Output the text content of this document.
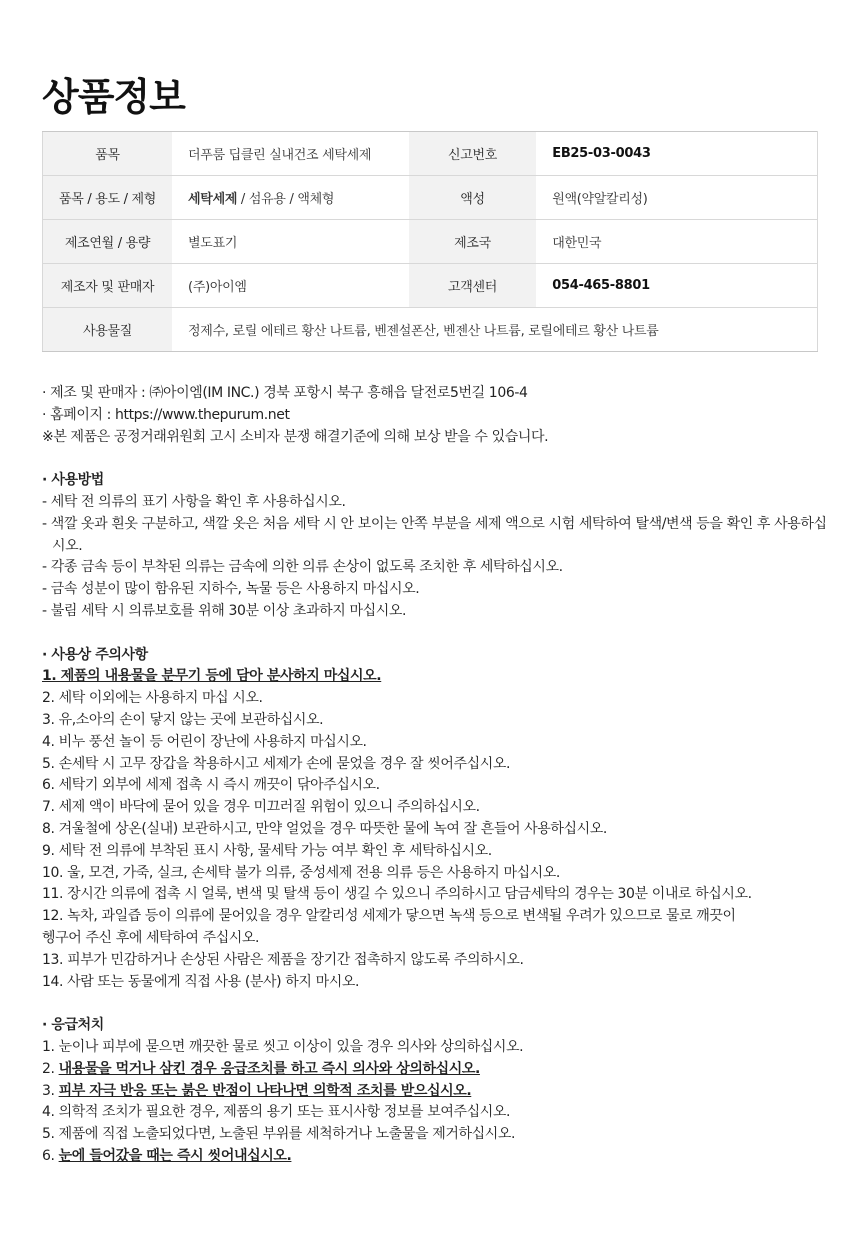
상품정보
품목	더푸룸 딥클린 실내건조 세탁세제	신고번호	EB25-03-0043
품목 / 용도 / 제형	세탁세제 / 섬유용 / 액체형	액성	원액(약알칼리성)
제조연월 / 용량	별도표기	제조국	대한민국
제조자 및 판매자	(주)아이엠	고객센터	054-465-8801
사용물질	정제수, 로릴 에테르 황산 나트륨, 벤젠설폰산, 벤젠산 나트륨, 로릴에테르 황산 나트륨		

· 제조 및 판매자 : ㈜아이엠(IM INC.) 경북 포항시 북구 흥해읍 달전로5번길 106-4

· 홈페이지 : https://www.thepurum.net

※본 제품은 공정거래위원회 고시 소비자 분쟁 해결기준에 의해 보상 받을 수 있습니다.

· 사용방법

- 세탁 전 의류의 표기 사항을 확인 후 사용하십시오.

- 색깔 옷과 흰옷 구분하고, 색깔 옷은 처음 세탁 시 안 보이는 안쪽 부분을 세제 액으로 시험 세탁하여 탈색/변색 등을 확인 후 사용하십시오.

- 각종 금속 등이 부착된 의류는 금속에 의한 의류 손상이 없도록 조치한 후 세탁하십시오.

- 금속 성분이 많이 함유된 지하수, 녹물 등은 사용하지 마십시오.

- 불림 세탁 시 의류보호를 위해 30분 이상 초과하지 마십시오.

· 사용상 주의사항

1. 제품의 내용물을 분무기 등에 담아 분사하지 마십시오.

2. 세탁 이외에는 사용하지 마십 시오.

3. 유,소아의 손이 닿지 않는 곳에 보관하십시오.

4. 비누 풍선 놀이 등 어린이 장난에 사용하지 마십시오.

5. 손세탁 시 고무 장갑을 착용하시고 세제가 손에 묻었을 경우 잘 씻어주십시오.

6. 세탁기 외부에 세제 접촉 시 즉시 깨끗이 닦아주십시오.

7. 세제 액이 바닥에 묻어 있을 경우 미끄러질 위험이 있으니 주의하십시오.

8. 겨울철에 상온(실내) 보관하시고, 만약 얼었을 경우 따뜻한 물에 녹여 잘 흔들어 사용하십시오.

9. 세탁 전 의류에 부착된 표시 사항, 물세탁 가능 여부 확인 후 세탁하십시오.

10. 울, 모견, 가죽, 실크, 손세탁 불가 의류, 중성세제 전용 의류 등은 사용하지 마십시오.

11. 장시간 의류에 접촉 시 얼룩, 변색 및 탈색 등이 생길 수 있으니 주의하시고 담금세탁의 경우는 30분 이내로 하십시오.

12. 녹차, 과일즙 등이 의류에 묻어있을 경우 알칼리성 세제가 닿으면 녹색 등으로 변색될 우려가 있으므로 물로 깨끗이

헹구어 주신 후에 세탁하여 주십시오.

13. 피부가 민감하거나 손상된 사람은 제품을 장기간 접촉하지 않도록 주의하시오.

14. 사람 또는 동물에게 직접 사용 (분사) 하지 마시오.

· 응급처치

1. 눈이나 피부에 묻으면 깨끗한 물로 씻고 이상이 있을 경우 의사와 상의하십시오.

2. 내용물을 먹거나 삼킨 경우 응급조치를 하고 즉시 의사와 상의하십시오.

3. 피부 자극 반응 또는 붉은 반점이 나타나면 의학적 조치를 받으십시오.

4. 의학적 조치가 필요한 경우, 제품의 용기 또는 표시사항 정보를 보여주십시오.

5. 제품에 직접 노출되었다면, 노출된 부위를 세척하거나 노출물을 제거하십시오.

6. 눈에 들어갔을 때는 즉시 씻어내십시오.
